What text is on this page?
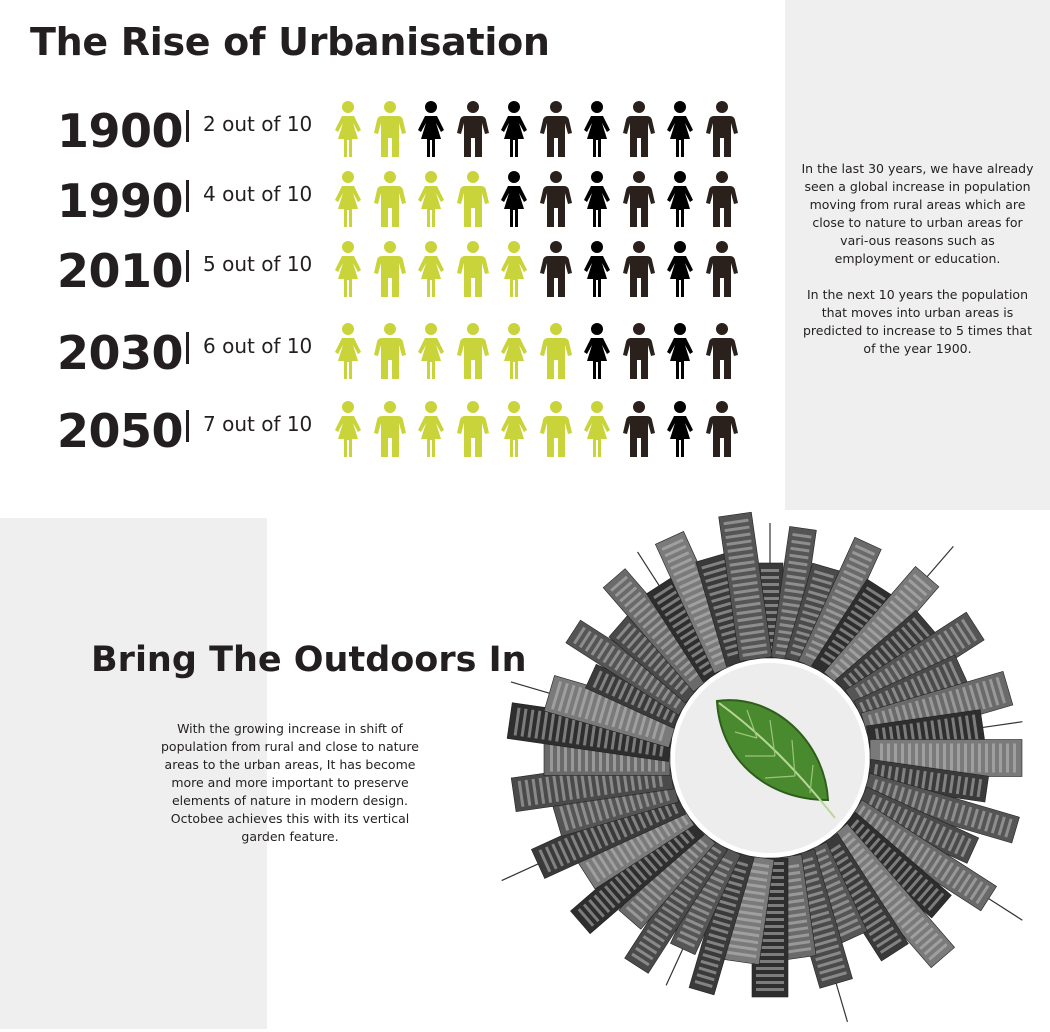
The Rise of Urbanisation
1900 2 out of 10
1990 4 out of 10
2010 5 out of 10
2030 6 out of 10
2050 7 out of 10

In the last 30 years, we have already seen a global increase in population moving from rural areas which are close to nature to urban areas for vari-ous reasons such as employment or education.

In the next 10 years the population that moves into urban areas is predicted to increase to 5 times that of the year 1900.

Bring The Outdoors In
With the growing increase in shift of population from rural and close to nature areas to the urban areas, It has become more and more important to preserve elements of nature in modern design. Octobee achieves this with its vertical garden feature.
